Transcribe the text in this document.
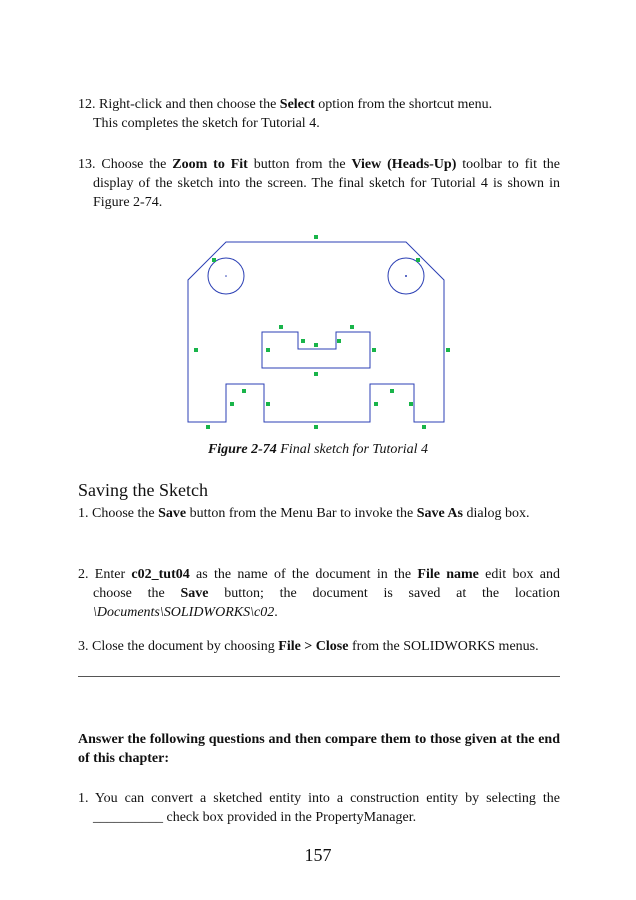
12. Right-click and then choose the Select option from the shortcut menu.

This completes the sketch for Tutorial 4.

13. Choose the Zoom to Fit button from the View (Heads-Up) toolbar to fit the display of the sketch into the screen. The final sketch for Tutorial 4 is shown in Figure 2-74.

Figure 2-74 Final sketch for Tutorial 4
Saving the Sketch

1. Choose the Save button from the Menu Bar to invoke the Save As dialog box.

2. Enter c02_tut04 as the name of the document in the File name edit box and choose the Save button; the document is saved at the location \Documents\SOLIDWORKS\c02.

3. Close the document by choosing File > Close from the SOLIDWORKS menus.

Answer the following questions and then compare them to those given at the end of this chapter:

1. You can convert a sketched entity into a construction entity by selecting the __________ check box provided in the PropertyManager.

157
